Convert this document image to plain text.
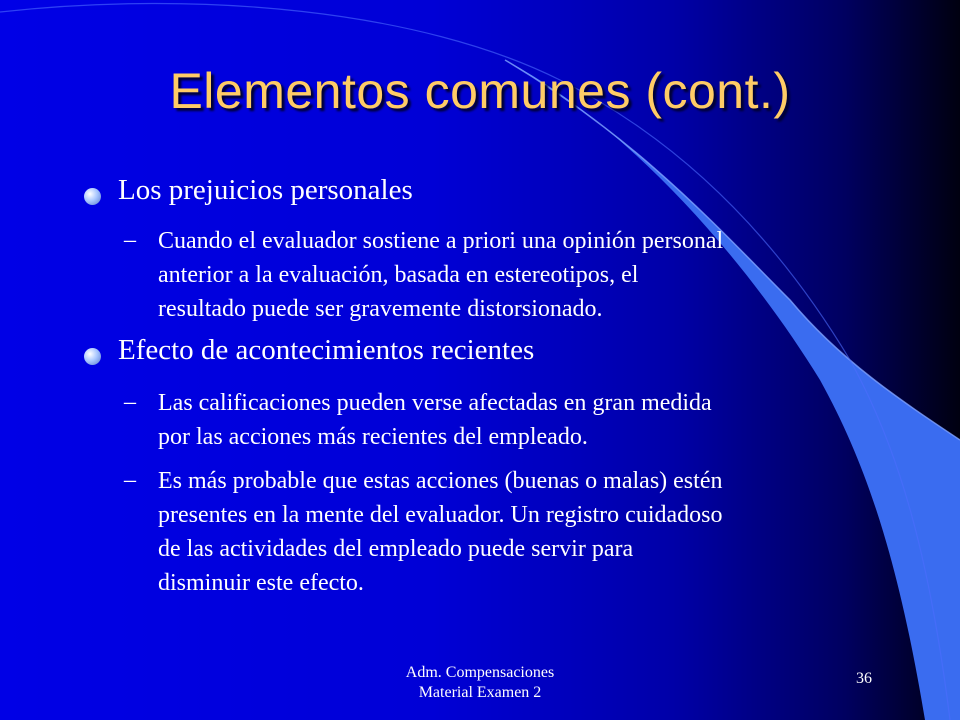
Elementos comunes (cont.)
Los prejuicios personales
– Cuando el evaluador sostiene a priori una opinión personal
anterior a la evaluación, basada en estereotipos, el
resultado puede ser gravemente distorsionado.
Efecto de acontecimientos recientes
– Las calificaciones pueden verse afectadas en gran medida
por las acciones más recientes del empleado.
– Es más probable que estas acciones (buenas o malas) estén
presentes en la mente del evaluador. Un registro cuidadoso
de las actividades del empleado puede servir para
disminuir este efecto.
Adm. Compensaciones
Material Examen 2
36
